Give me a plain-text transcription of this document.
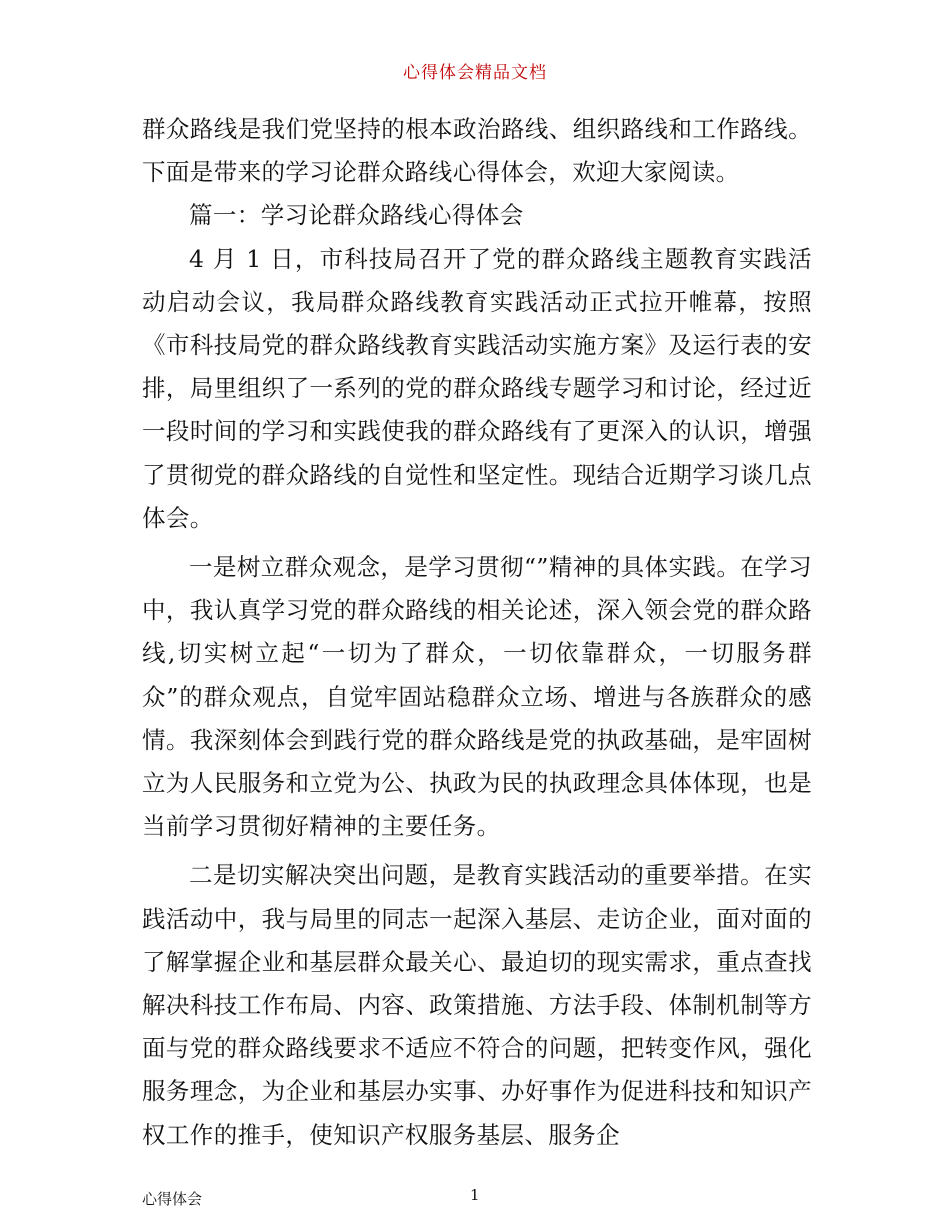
心得体会精品文档

群众路线是我们党坚持的根本政治路线、组织路线和工作路线。下面是带来的学习论群众路线心得体会，欢迎大家阅读。

篇一：学习论群众路线心得体会

4 月 1 日，市科技局召开了党的群众路线主题教育实践活动启动会议，我局群众路线教育实践活动正式拉开帷幕，按照《市科技局党的群众路线教育实践活动实施方案》及运行表的安排，局里组织了一系列的党的群众路线专题学习和讨论，经过近一段时间的学习和实践使我的群众路线有了更深入的认识，增强了贯彻党的群众路线的自觉性和坚定性。现结合近期学习谈几点体会。

一是树立群众观念，是学习贯彻“”精神的具体实践。在学习中，我认真学习党的群众路线的相关论述，深入领会党的群众路线,切实树立起“一切为了群众，一切依靠群众，一切服务群众”的群众观点，自觉牢固站稳群众立场、增进与各族群众的感情。我深刻体会到践行党的群众路线是党的执政基础，是牢固树立为人民服务和立党为公、执政为民的执政理念具体体现，也是当前学习贯彻好精神的主要任务。

二是切实解决突出问题，是教育实践活动的重要举措。在实践活动中，我与局里的同志一起深入基层、走访企业，面对面的了解掌握企业和基层群众最关心、最迫切的现实需求，重点查找解决科技工作布局、内容、政策措施、方法手段、体制机制等方面与党的群众路线要求不适应不符合的问题，把转变作风，强化服务理念，为企业和基层办实事、办好事作为促进科技和知识产权工作的推手，使知识产权服务基层、服务企

心得体会	1
